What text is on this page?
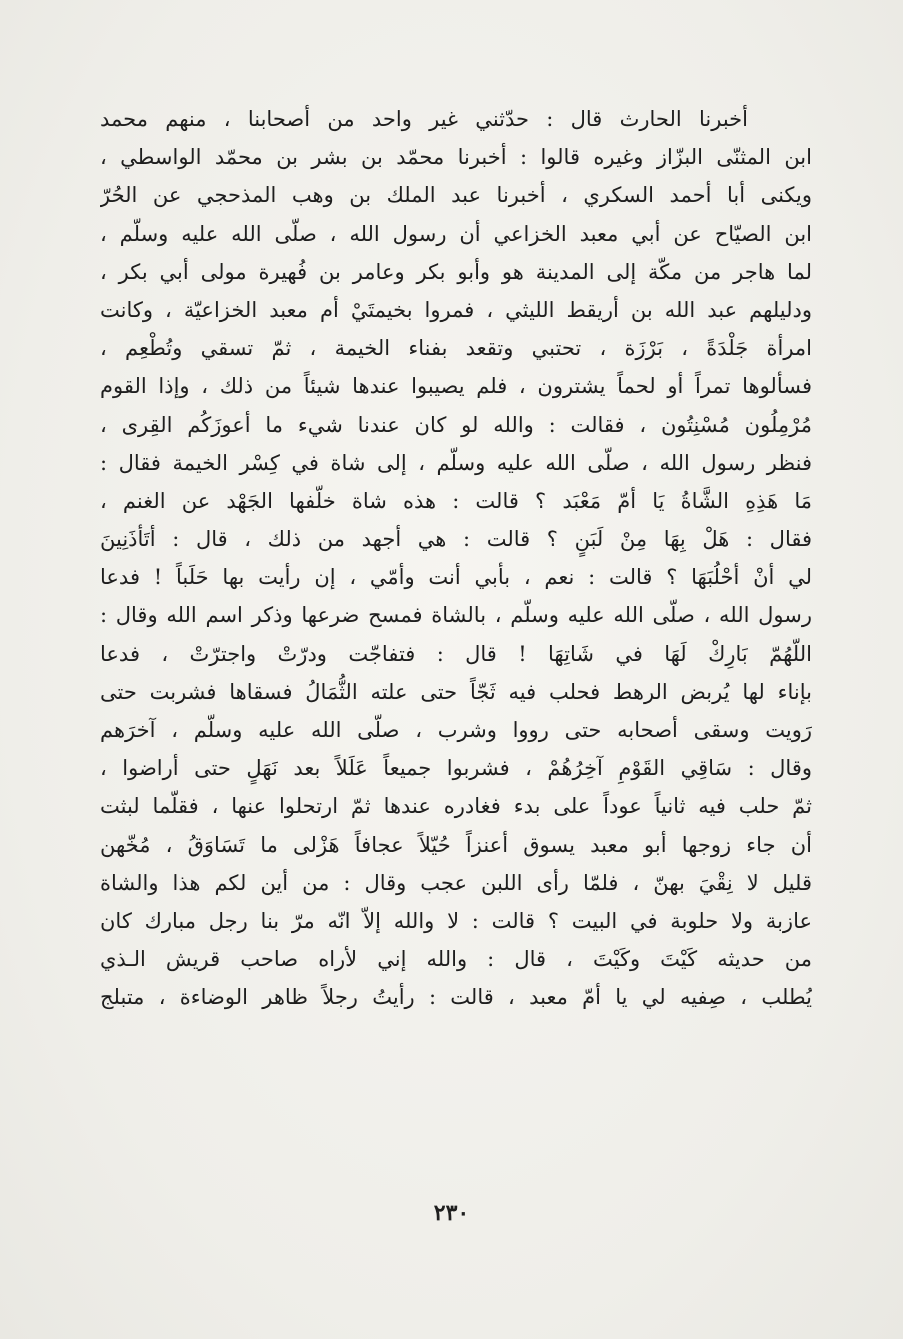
أخبرنا الحارث قال : حدّثني غير واحد من أصحابنا ، منهم محمد
ابن المثنّى البزّاز وغيره قالوا : أخبرنا محمّد بن بشر بن محمّد الواسطي ،
ويكنى أبا أحمد السكري ، أخبرنا عبد الملك بن وهب المذحجي عن الحُرّ
ابن الصيّاح عن أبي معبد الخزاعي أن رسول الله ، صلّى الله عليه وسلّم ،
لما هاجر من مكّة إلى المدينة هو وأبو بكر وعامر بن فُهيرة مولى أبي بكر ،
ودليلهم عبد الله بن أريقط الليثي ، فمروا بخيمتَيْ أم معبد الخزاعيّة ، وكانت
امرأة جَلْدَةً ، بَرْزَة ، تحتبي وتقعد بفناء الخيمة ، ثمّ تسقي وتُطْعِم ،
فسألوها تمراً أو لحماً يشترون ، فلم يصيبوا عندها شيئاً من ذلك ، وإذا القوم
مُرْمِلُون مُسْنِتُون ، فقالت : والله لو كان عندنا شيء ما أعوزَكُم القِرى ،
فنظر رسول الله ، صلّى الله عليه وسلّم ، إلى شاة في كِسْر الخيمة فقال :
مَا هَذِهِ الشَّاةُ يَا أمّ مَعْبَد ؟ قالت : هذه شاة خلّفها الجَهْد عن الغنم ،
فقال : هَلْ بِهَا مِنْ لَبَنٍ ؟ قالت : هي أجهد من ذلك ، قال : أتَأذَنِينَ
لي أنْ أحْلُبَهَا ؟ قالت : نعم ، بأبي أنت وأمّي ، إن رأيت بها حَلَباً ! فدعا
رسول الله ، صلّى الله عليه وسلّم ، بالشاة فمسح ضرعها وذكر اسم الله وقال :
اللّهُمّ بَارِكْ لَهَا في شَاتِهَا ! قال : فتفاجّت ودرّتْ واجترّتْ ، فدعا
بإناء لها يُربض الرهط فحلب فيه ثَجّاً حتى علته الثُّمَالُ فسقاها فشربت حتى
رَويت وسقى أصحابه حتى رووا وشرب ، صلّى الله عليه وسلّم ، آخرَهم
وقال : سَاقِي القَوْمِ آخِرُهُمْ ، فشربوا جميعاً عَلَلاً بعد نَهَلٍ حتى أراضوا ،
ثمّ حلب فيه ثانياً عوداً على بدء فغادره عندها ثمّ ارتحلوا عنها ، فقلّما لبثت
أن جاء زوجها أبو معبد يسوق أعنزاً حُيّلاً عجافاً هَزْلى ما تَسَاوَقُ ، مُخّهن
قليل لا نِقْيَ بهنّ ، فلمّا رأى اللبن عجب وقال : من أين لكم هذا والشاة
عازبة ولا حلوبة في البيت ؟ قالت : لا والله إلاّ انّه مرّ بنا رجل مبارك كان
من حديثه كَيْتَ وكَيْتَ ، قال : والله إني لأراه صاحب قريش الـذي
يُطلب ، صِفيه لي يا أمّ معبد ، قالت : رأيتُ رجلاً ظاهر الوضاءة ، متبلج
٢٣٠
